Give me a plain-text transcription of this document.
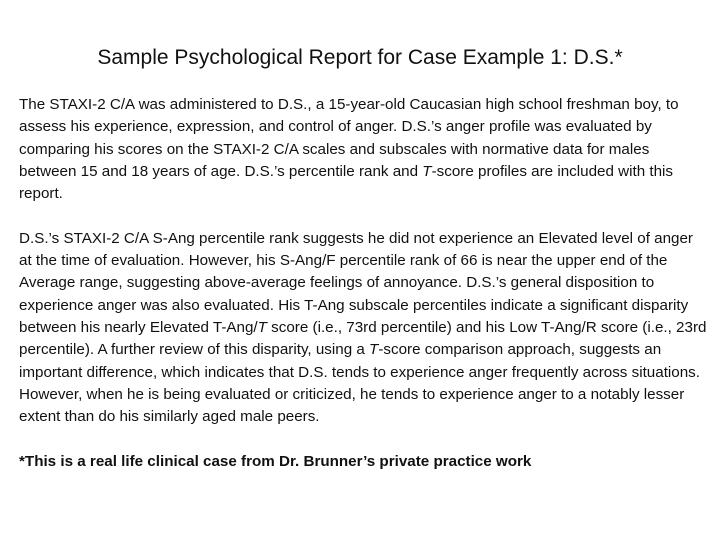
Sample Psychological Report for Case Example 1: D.S.*

The STAXI-2 C/A was administered to D.S., a 15-year-old Caucasian high school freshman boy, to assess his experience, expression, and control of anger. D.S.’s anger profile was evaluated by comparing his scores on the STAXI-2 C/A scales and subscales with normative data for males between 15 and 18 years of age. D.S.’s percentile rank and T-score profiles are included with this report.

D.S.’s STAXI-2 C/A S-Ang percentile rank suggests he did not experience an Elevated level of anger at the time of evaluation. However, his S-Ang/F percentile rank of 66 is near the upper end of the Average range, suggesting above-average feelings of annoyance. D.S.’s general disposition to experience anger was also evaluated. His T-Ang subscale percentiles indicate a significant disparity between his nearly Elevated T-Ang/T score (i.e., 73rd percentile) and his Low T-Ang/R score (i.e., 23rd percentile). A further review of this disparity, using a T-score comparison approach, suggests an important difference, which indicates that D.S. tends to experience anger frequently across situations. However, when he is being evaluated or criticized, he tends to experience anger to a notably lesser extent than do his similarly aged male peers.

*This is a real life clinical case from Dr. Brunner’s private practice work
